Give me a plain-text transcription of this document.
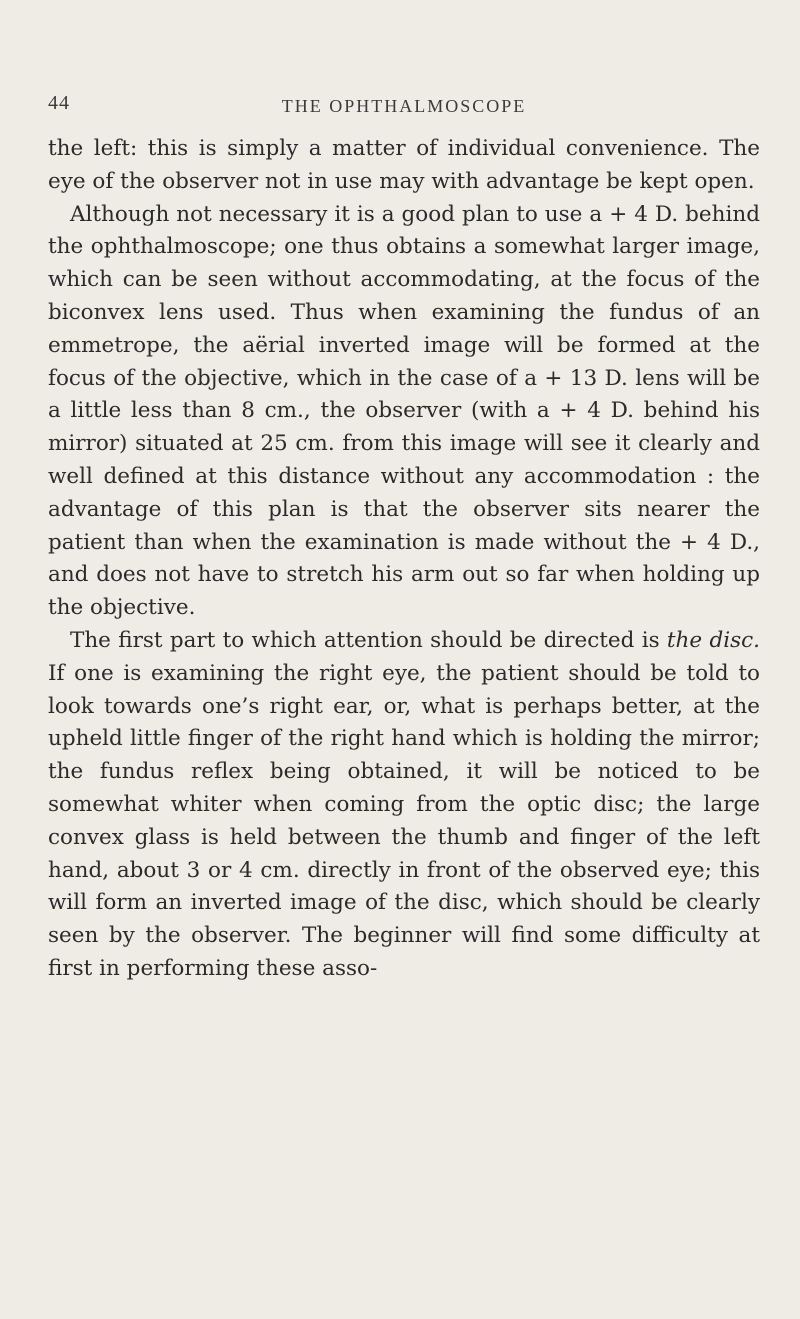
44	THE OPHTHALMOSCOPE

the left: this is simply a matter of individual convenience. The eye of the observer not in use may with advantage be kept open.

Although not necessary it is a good plan to use a + 4 D. behind the ophthalmoscope; one thus obtains a somewhat larger image, which can be seen without accommodating, at the focus of the biconvex lens used. Thus when examining the fundus of an emmetrope, the aërial inverted image will be formed at the focus of the objective, which in the case of a + 13 D. lens will be a little less than 8 cm., the observer (with a + 4 D. behind his mirror) situated at 25 cm. from this image will see it clearly and well defined at this distance without any accommodation : the advantage of this plan is that the observer sits nearer the patient than when the examination is made without the + 4 D., and does not have to stretch his arm out so far when holding up the objective.

The first part to which attention should be directed is the disc. If one is examining the right eye, the patient should be told to look towards one’s right ear, or, what is perhaps better, at the upheld little finger of the right hand which is holding the mirror; the fundus reflex being obtained, it will be noticed to be somewhat whiter when coming from the optic disc; the large convex glass is held between the thumb and finger of the left hand, about 3 or 4 cm. directly in front of the observed eye; this will form an inverted image of the disc, which should be clearly seen by the observer. The beginner will find some difficulty at first in performing these asso-
